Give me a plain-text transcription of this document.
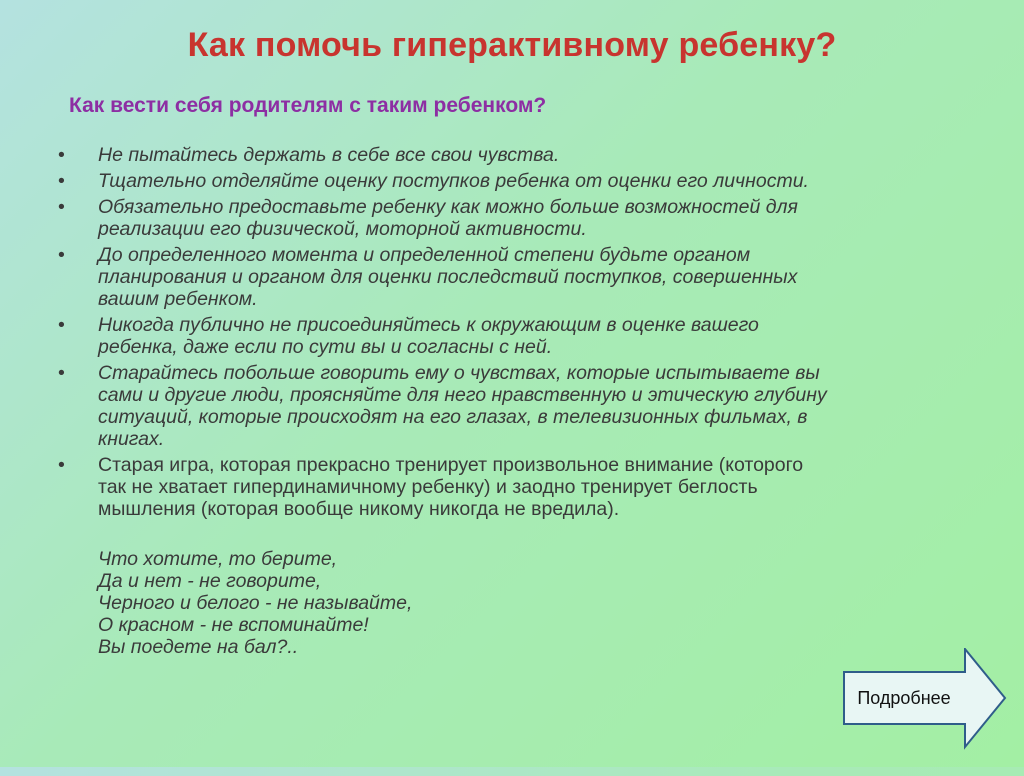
Как помочь гиперактивному ребенку?
Как вести себя родителям с таким ребенком?
• Не пытайтесь держать в себе все свои чувства.
• Тщательно отделяйте оценку поступков ребенка от оценки его личности.
• Обязательно предоставьте ребенку как можно больше возможностей для
реализации его физической, моторной активности.
• До определенного момента и определенной степени будьте органом
планирования и органом для оценки последствий поступков, совершенных
вашим ребенком.
• Никогда публично не присоединяйтесь к окружающим в оценке вашего
ребенка, даже если по сути вы и согласны с ней.
• Старайтесь побольше говорить ему о чувствах, которые испытываете вы
сами и другие люди, проясняйте для него нравственную и этическую глубину
ситуаций, которые происходят на его глазах, в телевизионных фильмах, в
книгах.
• Старая игра, которая прекрасно тренирует произвольное внимание (которого
так не хватает гипердинамичному ребенку) и заодно тренирует беглость
мышления (которая вообще никому никогда не вредила).
Что хотите, то берите,
Да и нет - не говорите,
Черного и белого - не называйте,
О красном - не вспоминайте!
Вы поедете на бал?..
Подробнее
